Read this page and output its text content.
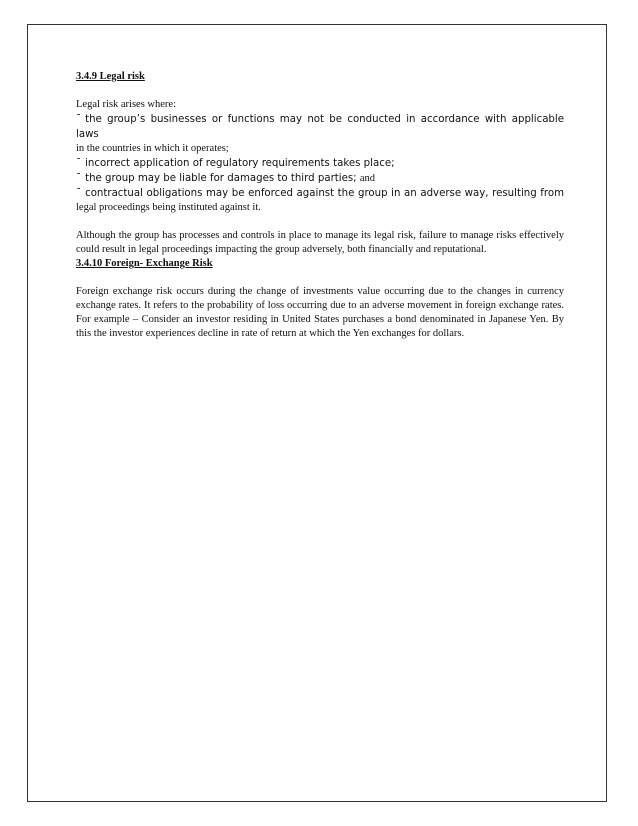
3.4.9 Legal risk

Legal risk arises where:

¯ the group’s businesses or functions may not be conducted in accordance with applicable laws

in the countries in which it operates;

¯ incorrect application of regulatory requirements takes place;

¯ the group may be liable for damages to third parties; and

¯ contractual obligations may be enforced against the group in an adverse way, resulting from

legal proceedings being instituted against it.

Although the group has processes and controls in place to manage its legal risk, failure to manage risks effectively could result in legal proceedings impacting the group adversely, both financially and reputational.

3.4.10 Foreign- Exchange Risk

Foreign exchange risk occurs during the change of investments value occurring due to the changes in currency exchange rates. It refers to the probability of loss occurring due to an adverse movement in foreign exchange rates. For example – Consider an investor residing in United States purchases a bond denominated in Japanese Yen. By this the investor experiences decline in rate of return at which the Yen exchanges for dollars.
